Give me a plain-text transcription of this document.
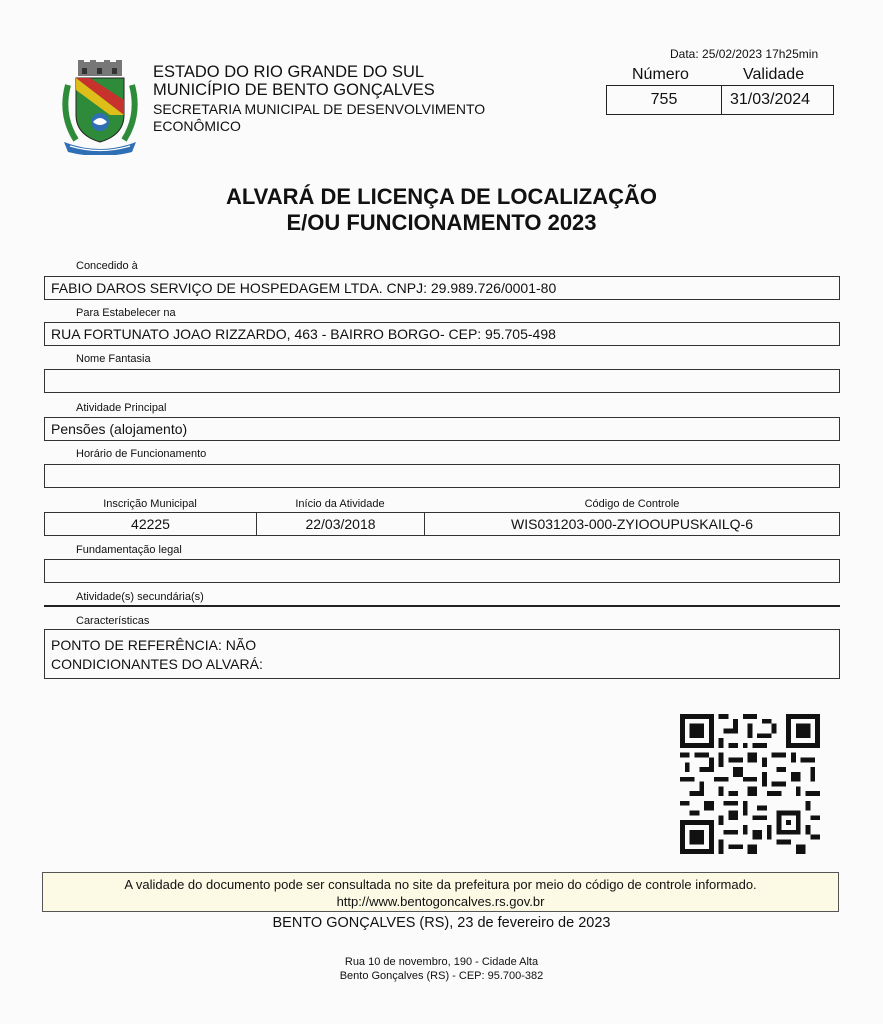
ESTADO DO RIO GRANDE DO SUL
MUNICÍPIO DE BENTO GONÇALVES
SECRETARIA MUNICIPAL DE DESENVOLVIMENTO
ECONÔMICO
Data: 25/02/2023 17h25min
Número	Validade
755	31/03/2024
ALVARÁ DE LICENÇA DE LOCALIZAÇÃO
E/OU FUNCIONAMENTO 2023
Concedido à
FABIO DAROS SERVIÇO DE HOSPEDAGEM LTDA. CNPJ: 29.989.726/0001-80
Para Estabelecer na
RUA FORTUNATO JOAO RIZZARDO, 463 - BAIRRO BORGO- CEP: 95.705-498
Nome Fantasia
Atividade Principal
Pensões (alojamento)
Horário de Funcionamento
Inscrição Municipal	Início da Atividade	Código de Controle
42225	22/03/2018	WIS031203-000-ZYIOOUPUSKAILQ-6
Fundamentação legal
Atividade(s) secundária(s)
Características
PONTO DE REFERÊNCIA: NÃO
CONDICIONANTES DO ALVARÁ:
A validade do documento pode ser consultada no site da prefeitura por meio do código de controle informado.
http://www.bentogoncalves.rs.gov.br
BENTO GONÇALVES (RS), 23 de fevereiro de 2023
Rua 10 de novembro, 190 - Cidade Alta
Bento Gonçalves (RS) - CEP: 95.700-382
